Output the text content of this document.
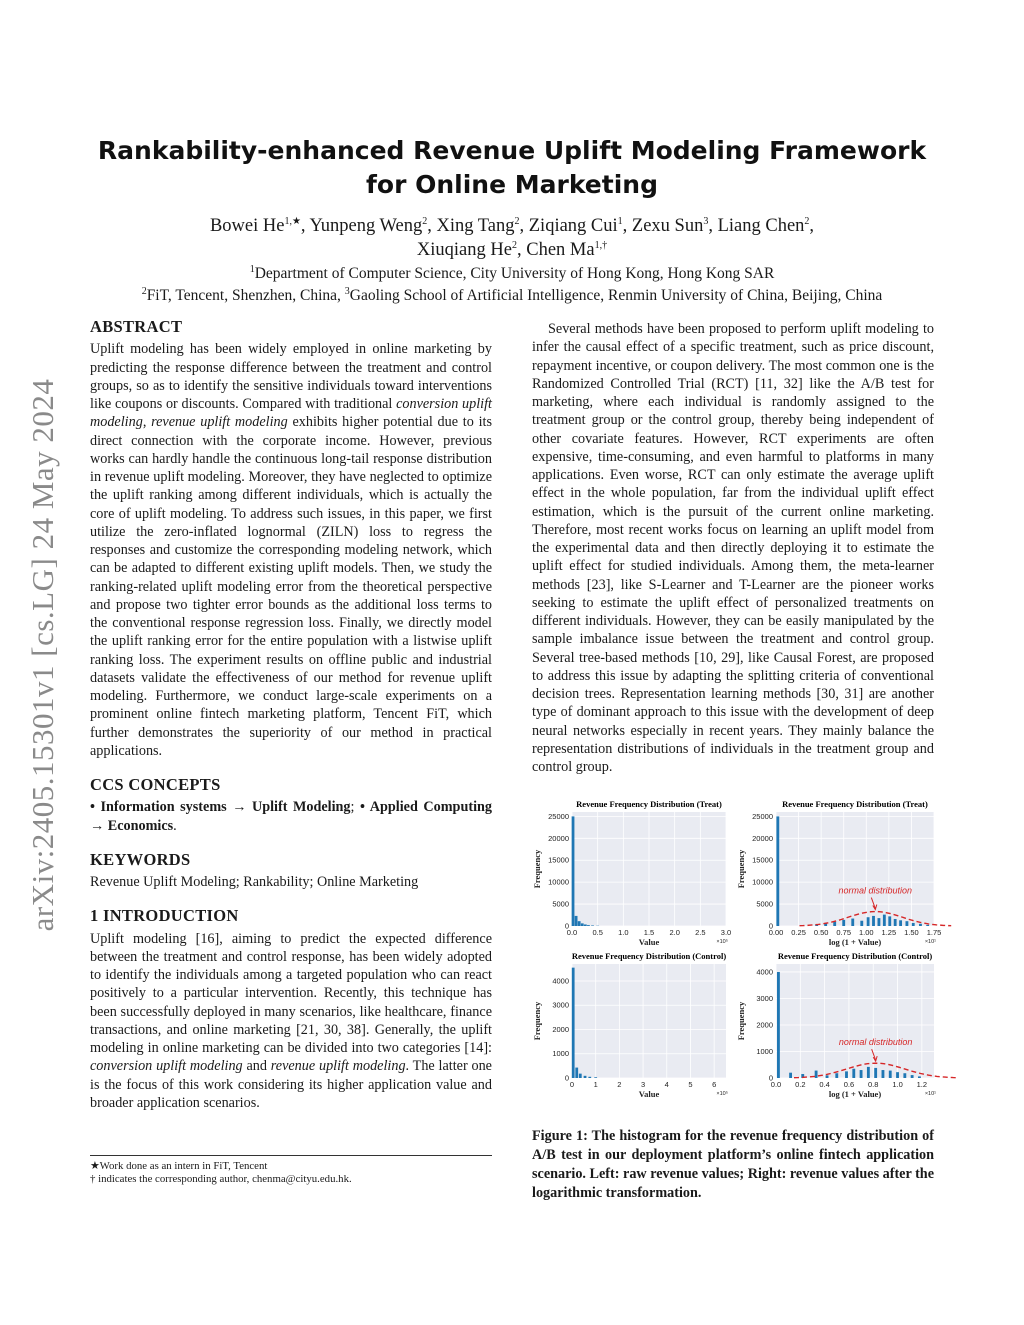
arXiv:2405.15301v1 [cs.LG] 24 May 2024
Rankability-enhanced Revenue Uplift Modeling Framework for Online Marketing
Bowei $He^{1,★}$, Yunpeng Weng$^2$, Xing Tang$^2$, Ziqiang Cui$^1$, Zexu Sun$^3$, Liang Chen$^2$,
Xiuqiang He$^2$, Chen $Ma^{1,\dagger}$
$^1$Department of Computer Science, City University of Hong Kong, Hong Kong SAR
$^2$FiT, Tencent, Shenzhen, China, $^3$Gaoling School of Artificial Intelligence, Renmin University of China, Beijing, China
ABSTRACT

Uplift modeling has been widely employed in online marketing by predicting the response difference between the treatment and control groups, so as to identify the sensitive individuals toward interventions like coupons or discounts. Compared with traditional conversion uplift modeling, revenue uplift modeling exhibits higher potential due to its direct connection with the corporate income. However, previous works can hardly handle the continuous long-tail response distribution in revenue uplift modeling. Moreover, they have neglected to optimize the uplift ranking among different individuals, which is actually the core of uplift modeling. To address such issues, in this paper, we first utilize the zero-inflated lognormal (ZILN) loss to regress the responses and customize the corresponding modeling network, which can be adapted to different existing uplift models. Then, we study the ranking-related uplift modeling error from the theoretical perspective and propose two tighter error bounds as the additional loss terms to the conventional response regression loss. Finally, we directly model the uplift ranking error for the entire population with a listwise uplift ranking loss. The experiment results on offline public and industrial datasets validate the effectiveness of our method for revenue uplift modeling. Furthermore, we conduct large-scale experiments on a prominent online fintech marketing platform, Tencent FiT, which further demonstrates the superiority of our method in practical applications.

CCS CONCEPTS

• Information systems → Uplift Modeling; • Applied Computing → Economics.

KEYWORDS

Revenue Uplift Modeling; Rankability; Online Marketing

1 INTRODUCTION

Uplift modeling [16], aiming to predict the expected difference between the treatment and control response, has been widely adopted to identify the individuals among a targeted population who can react positively to a particular intervention. Recently, this technique has been successfully deployed in many scenarios, like healthcare, finance transactions, and online marketing [21, 30, 38]. Generally, the uplift modeling in online marketing can be divided into two categories [14]: conversion uplift modeling and revenue uplift modeling. The latter one is the focus of this work considering its higher application value and broader application scenarios.

★Work done as an intern in FiT, Tencent
† indicates the corresponding author, chenma@cityu.edu.hk.

Several methods have been proposed to perform uplift modeling to infer the causal effect of a specific treatment, such as price discount, repayment incentive, or coupon delivery. The most common one is the Randomized Controlled Trial (RCT) [11, 32] like the A/B test for marketing, where each individual is randomly assigned to the treatment group or the control group, thereby being independent of other covariate features. However, RCT experiments are often expensive, time-consuming, and even harmful to platforms in many applications. Even worse, RCT can only estimate the average uplift effect in the whole population, far from the individual uplift effect estimation, which is the pursuit of the current online marketing. Therefore, most recent works focus on learning an uplift model from the experimental data and then directly deploying it to estimate the uplift effect for studied individuals. Among them, the meta-learner methods [23], like S-Learner and T-Learner are the pioneer works seeking to estimate the uplift effect of personalized treatments on different individuals. However, they can be easily manipulated by the sample imbalance issue between the treatment and control group. Several tree-based methods [10, 29], like Causal Forest, are proposed to address this issue by adapting the splitting criteria of conventional decision trees. Representation learning methods [30, 31] are another type of dominant approach to this issue with the development of deep neural networks especially in recent years. They mainly balance the representation distributions of individuals in the treatment group and control group.

Revenue Frequency Distribution (Treat)
0
5000
10000
15000
20000
25000
0.0 0.5 1.0 1.5 2.0 2.5 3.0
Value	×10⁵
Frequency
Revenue Frequency Distribution (Treat)
0
5000
10000
15000
20000
25000
0.00 0.25 0.50 0.75 1.00 1.25 1.50 1.75
normal distribution
log (1 + Value)	×10¹
Frequency
Revenue Frequency Distribution (Control)
0
1000
2000
3000
4000
0	1	2	3	4	5	6
Value	×10⁵
Frequency
Revenue Frequency Distribution (Control)
0
1000
2000
3000
4000
0.0 0.2 0.4 0.6 0.8 1.0 1.2
normal distribution
log (1 + Value)	×10¹
Frequency
Figure 1: The histogram for the revenue frequency distribution of A/B test in our deployment platform’s online fintech application scenario. Left: raw revenue values; Right: revenue values after the logarithmic transformation.
